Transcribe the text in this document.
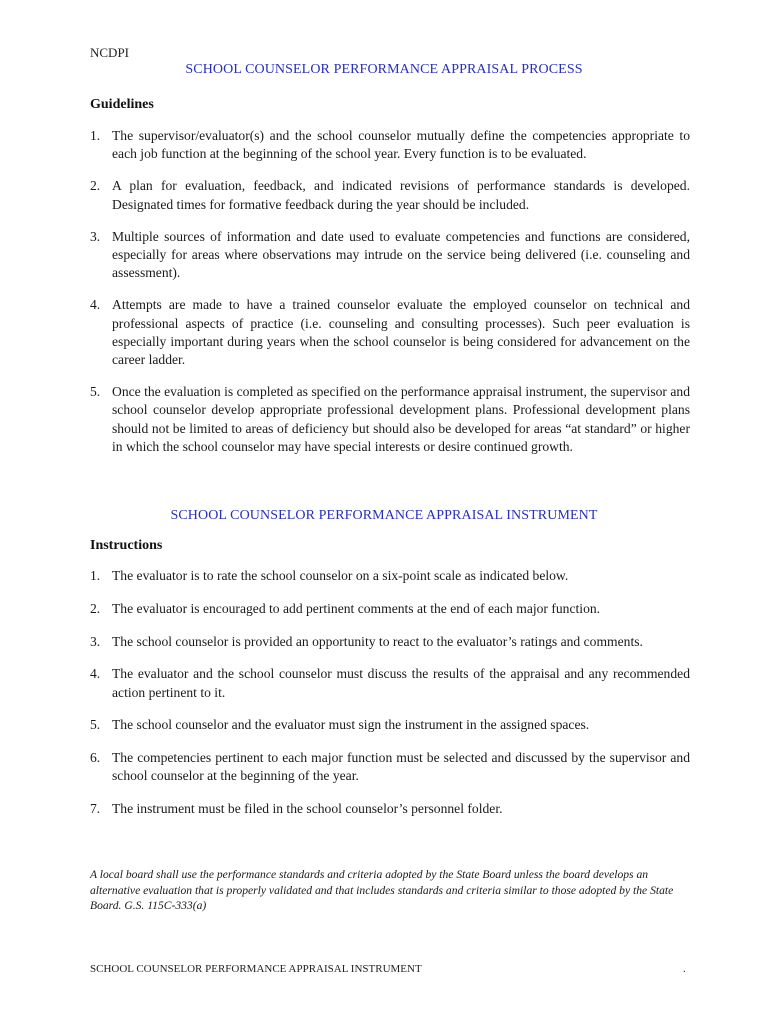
NCDPI
SCHOOL COUNSELOR PERFORMANCE APPRAISAL PROCESS
Guidelines
1. The supervisor/evaluator(s) and the school counselor mutually define the competencies appropriate to each job function at the beginning of the school year. Every function is to be evaluated.
2. A plan for evaluation, feedback, and indicated revisions of performance standards is developed. Designated times for formative feedback during the year should be included.
3. Multiple sources of information and date used to evaluate competencies and functions are considered, especially for areas where observations may intrude on the service being delivered (i.e. counseling and assessment).
4. Attempts are made to have a trained counselor evaluate the employed counselor on technical and professional aspects of practice (i.e. counseling and consulting processes). Such peer evaluation is especially important during years when the school counselor is being considered for advancement on the career ladder.
5. Once the evaluation is completed as specified on the performance appraisal instrument, the supervisor and school counselor develop appropriate professional development plans. Professional development plans should not be limited to areas of deficiency but should also be developed for areas “at standard” or higher in which the school counselor may have special interests or desire continued growth.
SCHOOL COUNSELOR PERFORMANCE APPRAISAL INSTRUMENT
Instructions
1. The evaluator is to rate the school counselor on a six-point scale as indicated below.
2. The evaluator is encouraged to add pertinent comments at the end of each major function.
3. The school counselor is provided an opportunity to react to the evaluator’s ratings and comments.
4. The evaluator and the school counselor must discuss the results of the appraisal and any recommended action pertinent to it.
5. The school counselor and the evaluator must sign the instrument in the assigned spaces.
6. The competencies pertinent to each major function must be selected and discussed by the supervisor and school counselor at the beginning of the year.
7. The instrument must be filed in the school counselor’s personnel folder.
A local board shall use the performance standards and criteria adopted by the State Board unless the board develops an alternative evaluation that is properly validated and that includes standards and criteria similar to those adopted by the State Board. G.S. 115C-333(a)
SCHOOL COUNSELOR PERFORMANCE APPRAISAL INSTRUMENT	.
